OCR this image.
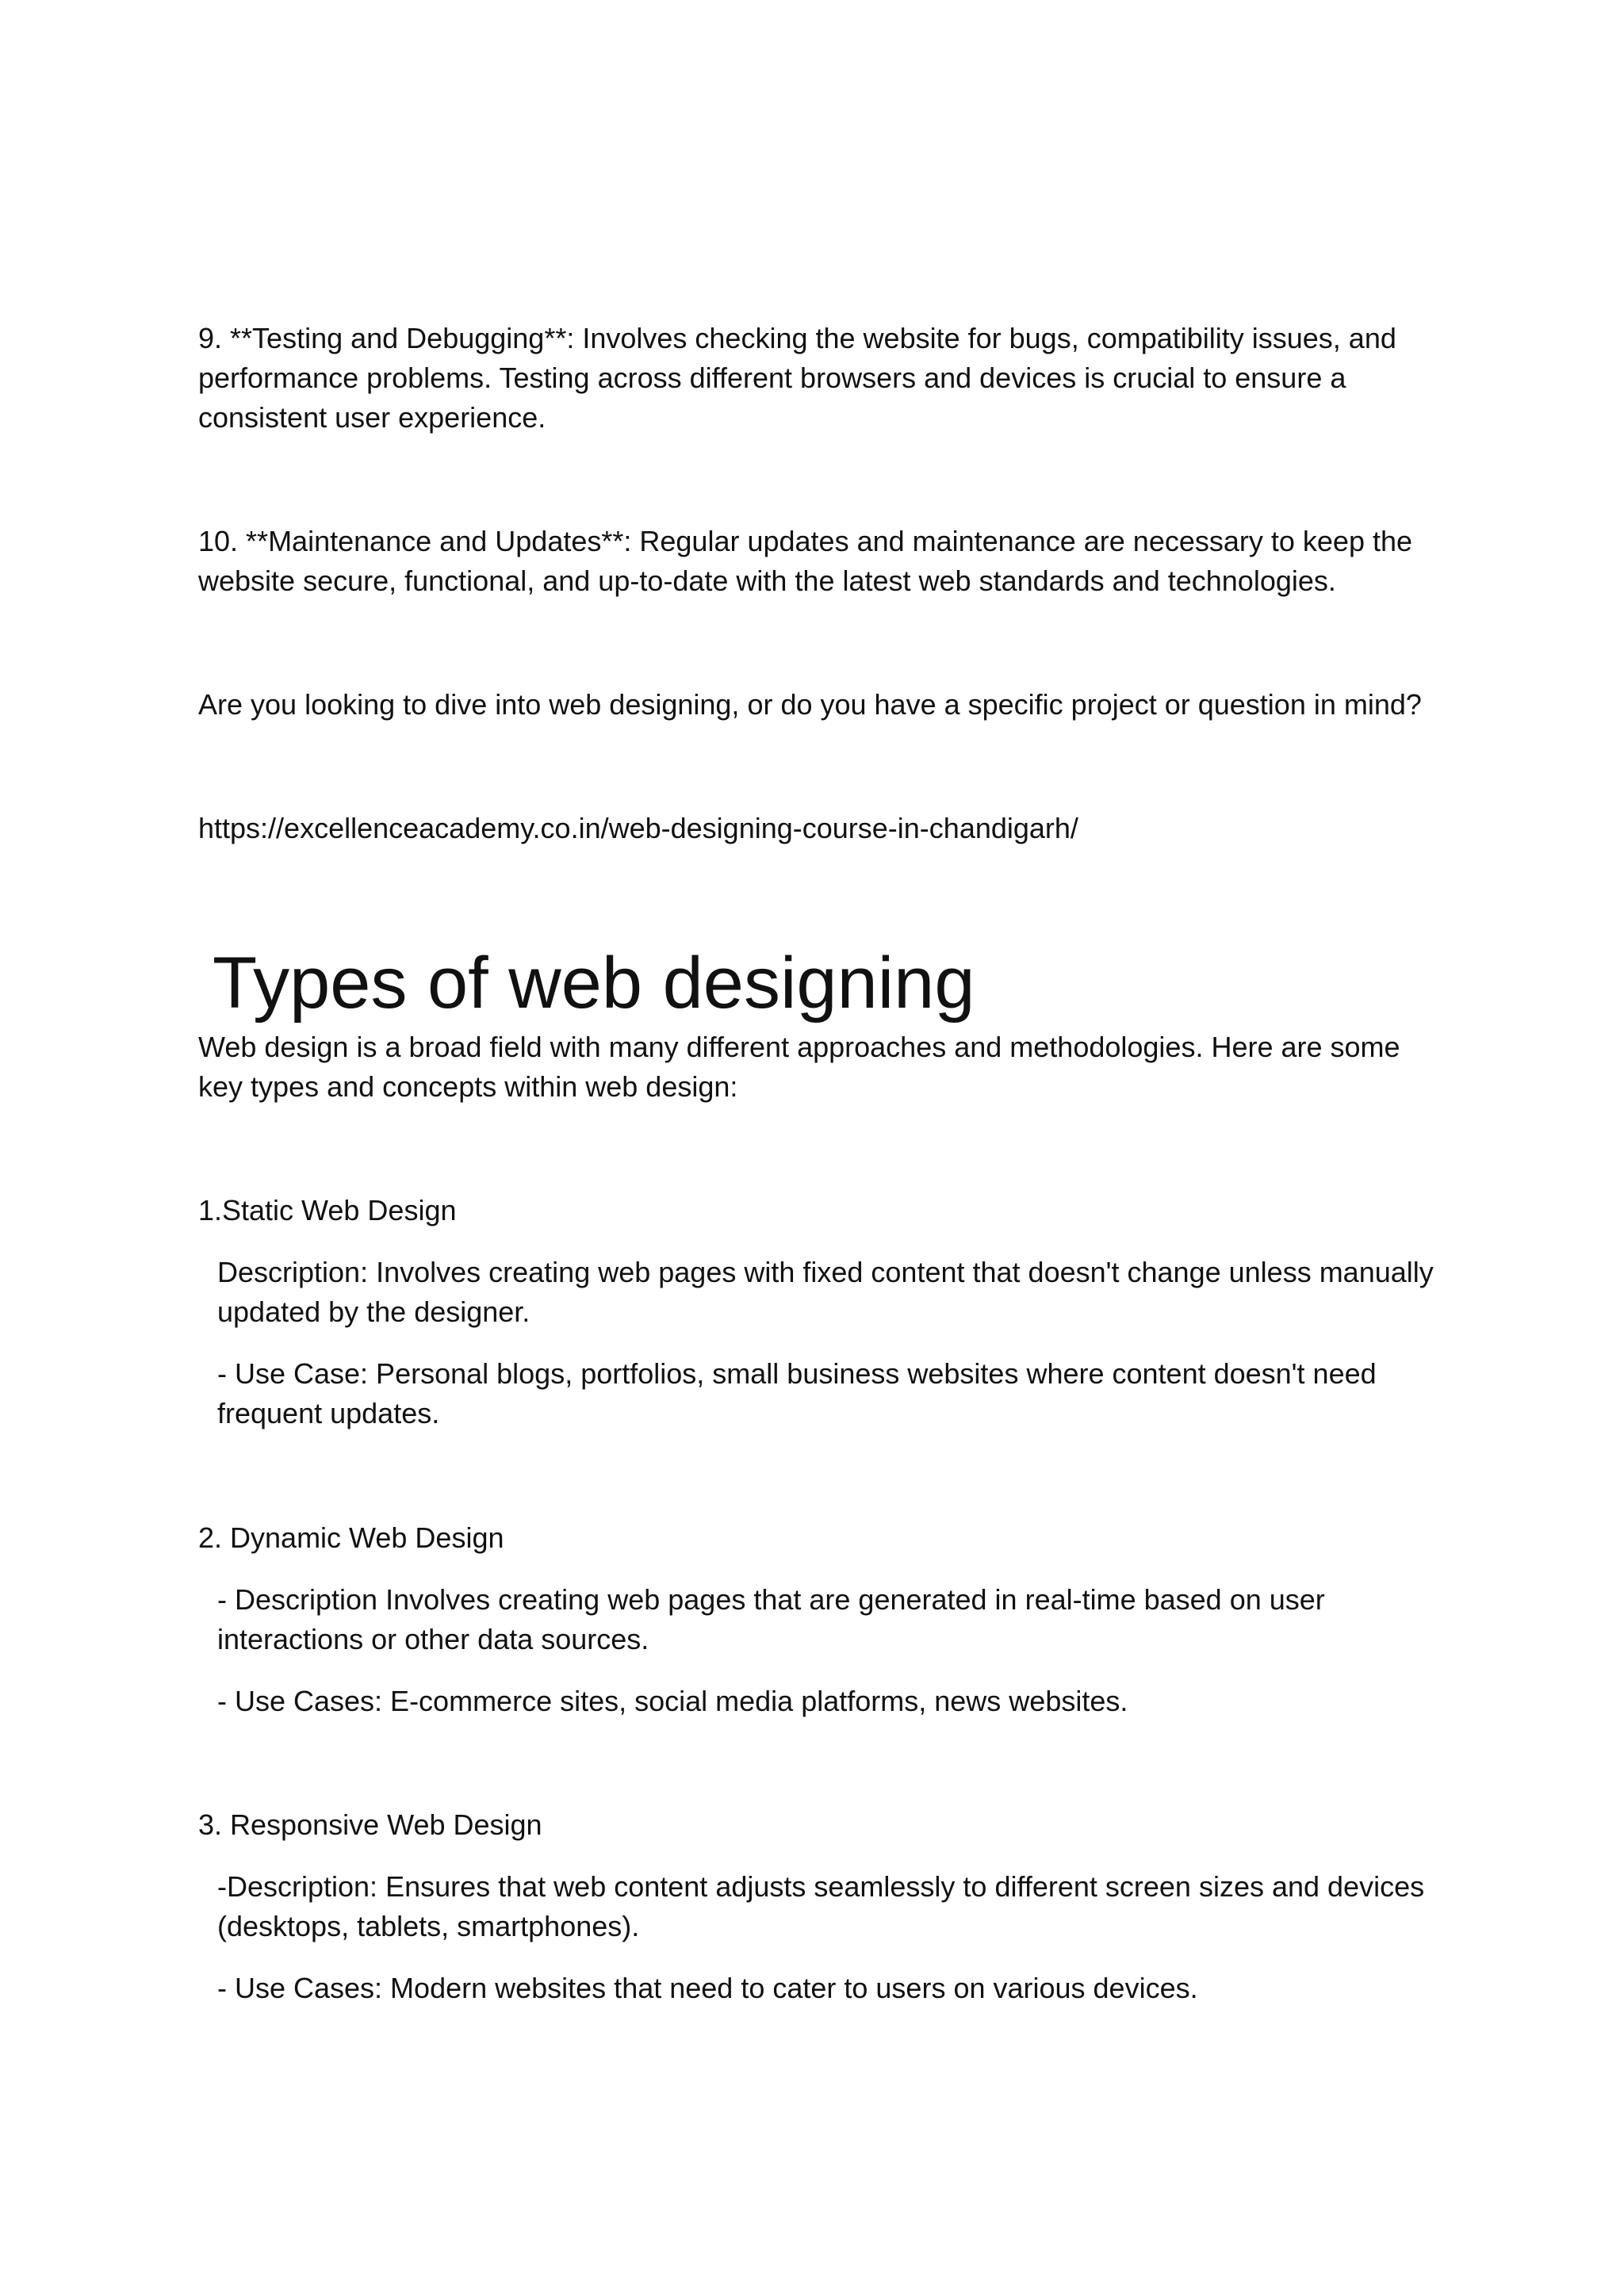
9. **Testing and Debugging**: Involves checking the website for bugs, compatibility issues, and performance problems. Testing across different browsers and devices is crucial to ensure a consistent user experience.

10. **Maintenance and Updates**: Regular updates and maintenance are necessary to keep the website secure, functional, and up-to-date with the latest web standards and technologies.

Are you looking to dive into web designing, or do you have a specific project or question in mind?

https://excellenceacademy.co.in/web-designing-course-in-chandigarh/

Types of web designing

Web design is a broad field with many different approaches and methodologies. Here are some key types and concepts within web design:

1.Static Web Design

Description: Involves creating web pages with fixed content that doesn't change unless manually updated by the designer.

- Use Case: Personal blogs, portfolios, small business websites where content doesn't need frequent updates.

2. Dynamic Web Design

- Description Involves creating web pages that are generated in real-time based on user interactions or other data sources.

- Use Cases: E-commerce sites, social media platforms, news websites.

3. Responsive Web Design

-Description: Ensures that web content adjusts seamlessly to different screen sizes and devices (desktops, tablets, smartphones).

- Use Cases: Modern websites that need to cater to users on various devices.
